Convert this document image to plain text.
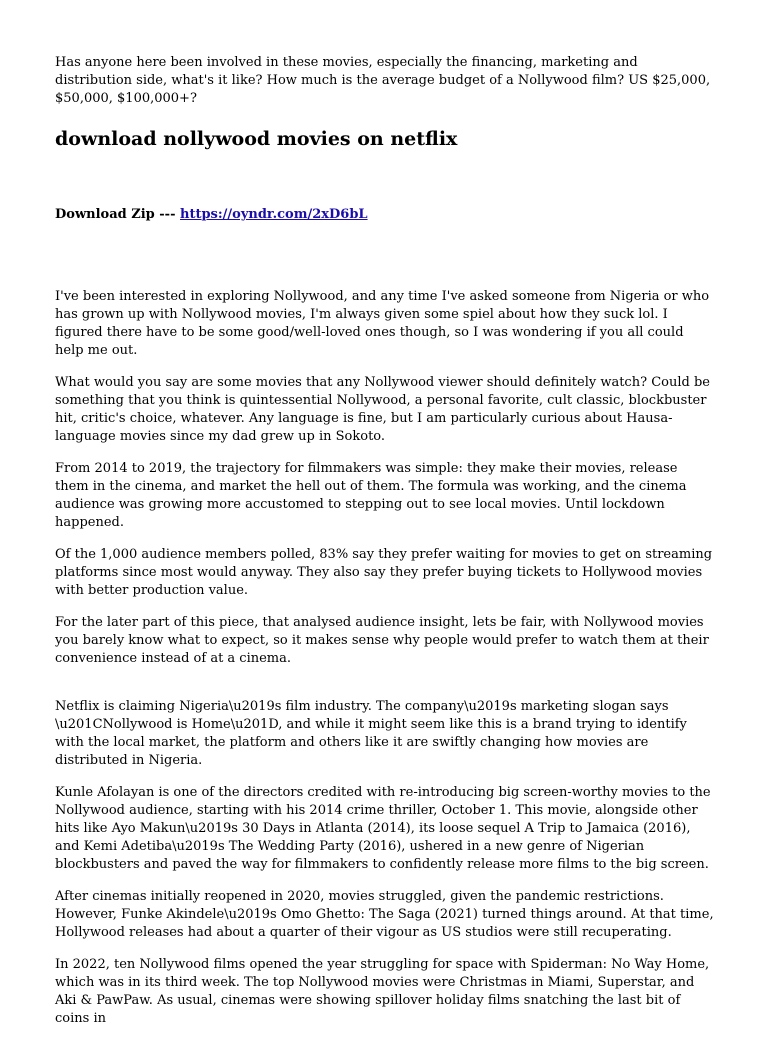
Has anyone here been involved in these movies, especially the financing, marketing and distribution side, what's it like? How much is the average budget of a Nollywood film? US $25,000, $50,000, $100,000+?

download nollywood movies on netflix
Download Zip --- https://oyndr.com/2xD6bL

I've been interested in exploring Nollywood, and any time I've asked someone from Nigeria or who has grown up with Nollywood movies, I'm always given some spiel about how they suck lol. I figured there have to be some good/well-loved ones though, so I was wondering if you all could help me out.

What would you say are some movies that any Nollywood viewer should definitely watch? Could be something that you think is quintessential Nollywood, a personal favorite, cult classic, blockbuster hit, critic's choice, whatever. Any language is fine, but I am particularly curious about Hausa-language movies since my dad grew up in Sokoto.

From 2014 to 2019, the trajectory for filmmakers was simple: they make their movies, release them in the cinema, and market the hell out of them. The formula was working, and the cinema audience was growing more accustomed to stepping out to see local movies. Until lockdown happened.

Of the 1,000 audience members polled, 83% say they prefer waiting for movies to get on streaming platforms since most would anyway. They also say they prefer buying tickets to Hollywood movies with better production value.

For the later part of this piece, that analysed audience insight, lets be fair, with Nollywood movies you barely know what to expect, so it makes sense why people would prefer to watch them at their convenience instead of at a cinema.

Netflix is claiming Nigeria\u2019s film industry. The company\u2019s marketing slogan says \u201CNollywood is Home\u201D, and while it might seem like this is a brand trying to identify with the local market, the platform and others like it are swiftly changing how movies are distributed in Nigeria.

Kunle Afolayan is one of the directors credited with re-introducing big screen-worthy movies to the Nollywood audience, starting with his 2014 crime thriller, October 1. This movie, alongside other hits like Ayo Makun\u2019s 30 Days in Atlanta (2014), its loose sequel A Trip to Jamaica (2016), and Kemi Adetiba\u2019s The Wedding Party (2016), ushered in a new genre of Nigerian blockbusters and paved the way for filmmakers to confidently release more films to the big screen.

After cinemas initially reopened in 2020, movies struggled, given the pandemic restrictions. However, Funke Akindele\u2019s Omo Ghetto: The Saga (2021) turned things around. At that time, Hollywood releases had about a quarter of their vigour as US studios were still recuperating.

In 2022, ten Nollywood films opened the year struggling for space with Spiderman: No Way Home, which was in its third week. The top Nollywood movies were Christmas in Miami, Superstar, and Aki & PawPaw. As usual, cinemas were showing spillover holiday films snatching the last bit of coins in
